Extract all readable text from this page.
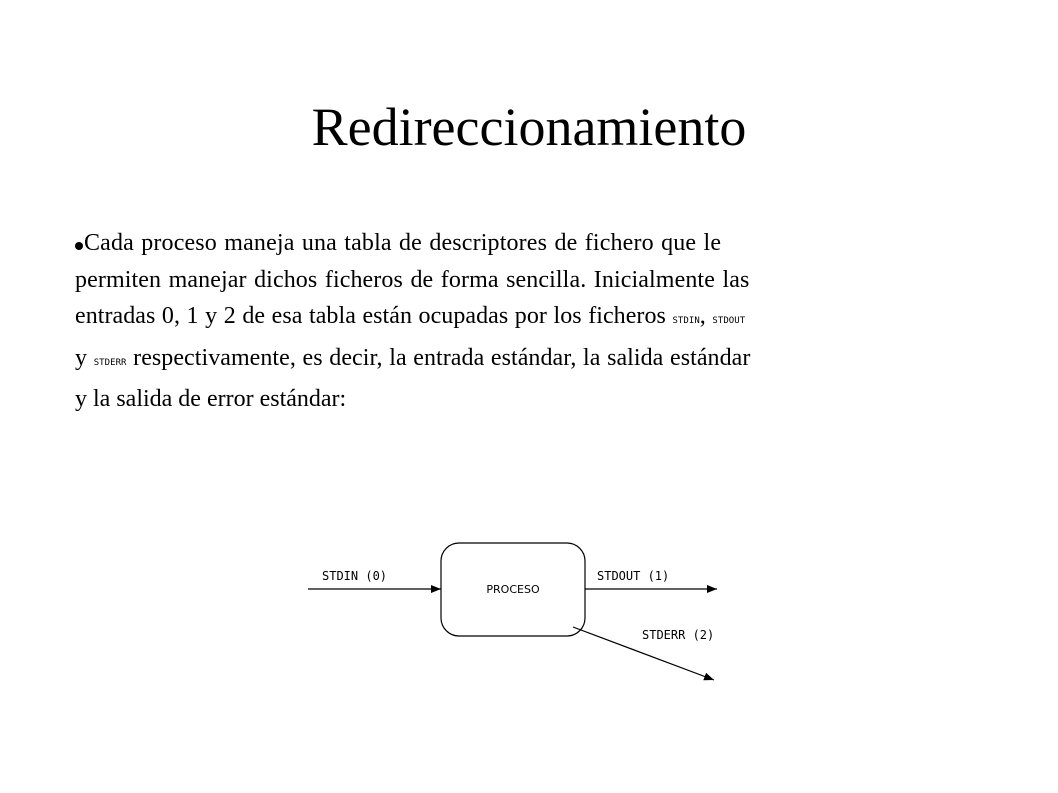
Redireccionamiento
Cada proceso maneja una tabla de descriptores de fichero que le
permiten manejar dichos ficheros de forma sencilla. Inicialmente las
entradas 0, 1 y 2 de esa tabla están ocupadas por los ficheros STDIN, STDOUT
y STDERR respectivamente, es decir, la entrada estándar, la salida estándar
y la salida de error estándar:
PROCESO
STDIN (0)	STDOUT (1)
STDERR (2)
